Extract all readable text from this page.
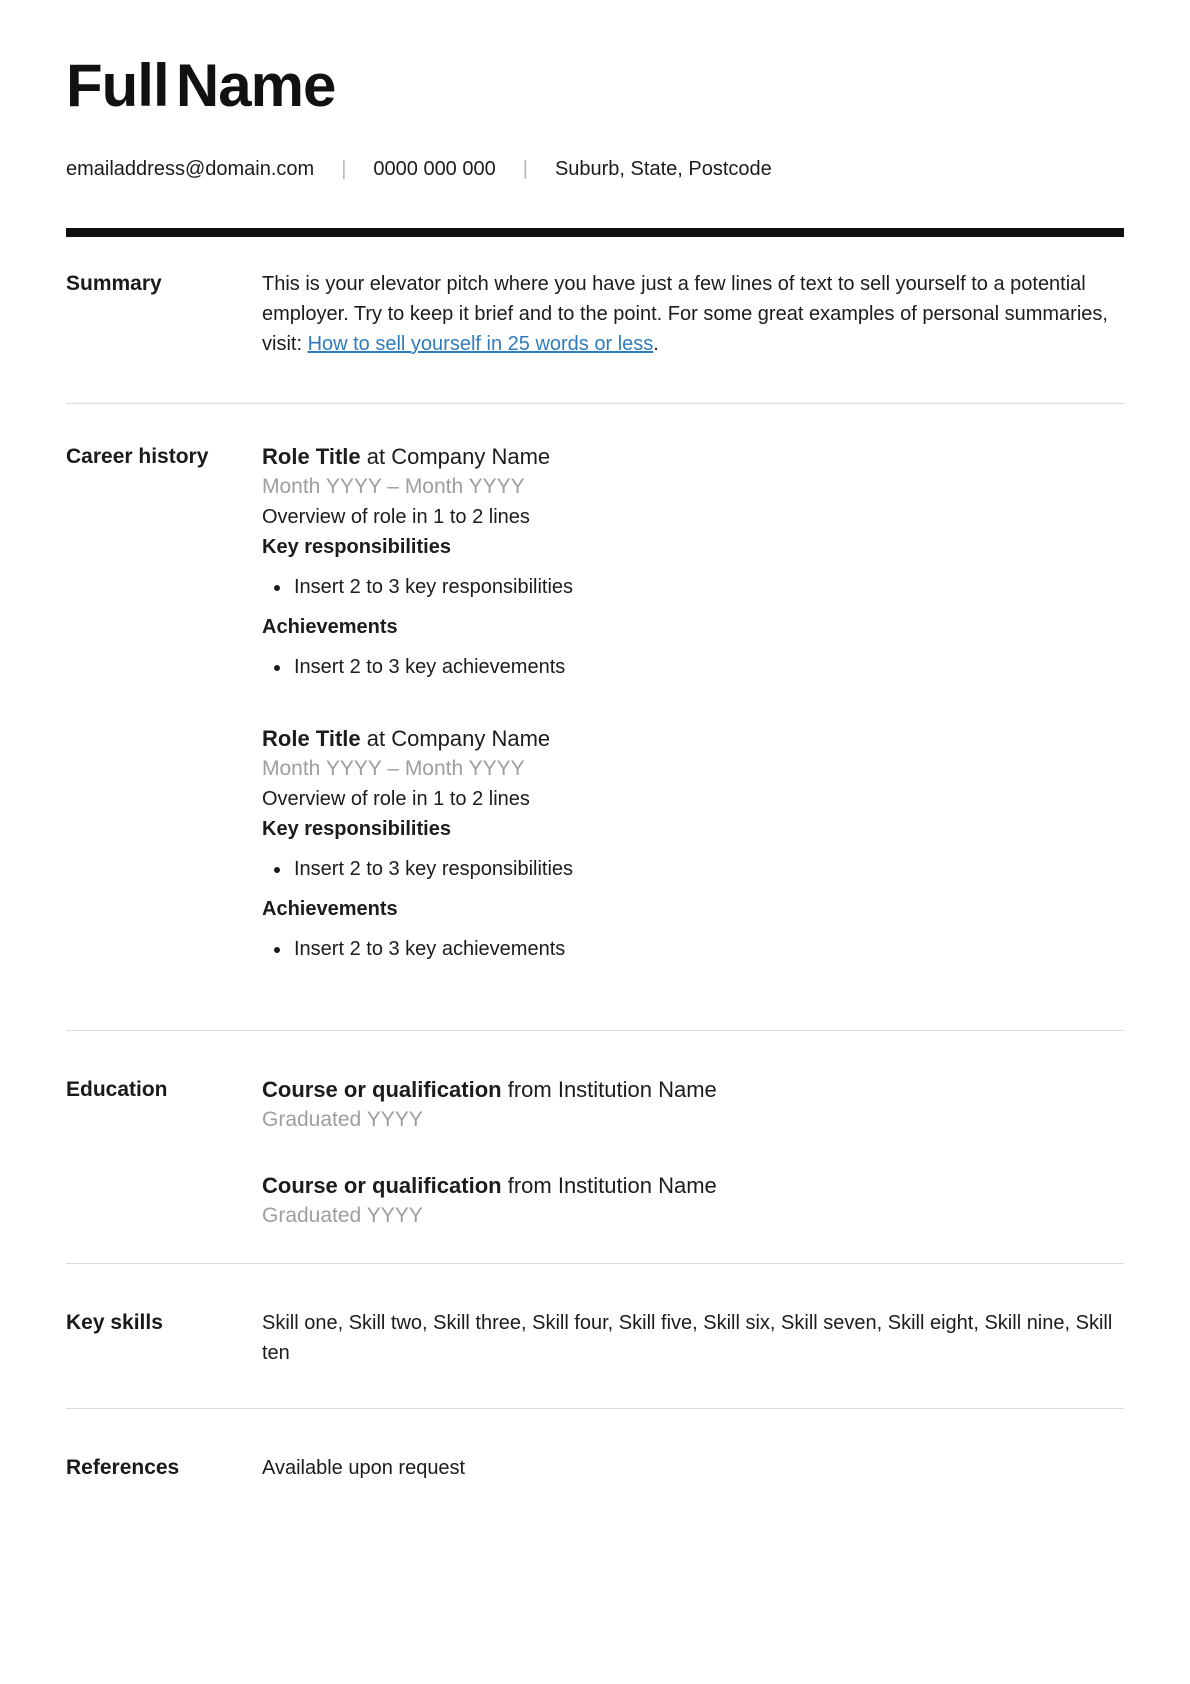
Full Name
emailaddress@domain.com	|	0000 000 000	|	Suburb, State, Postcode
Summary	This is your elevator pitch where you have just a few lines of text to sell yourself to a potential employer. Try to keep it brief and to the point. For some great examples of personal summaries, visit: How to sell yourself in 25 words or less.

Career history	Role Title at Company Name

Month YYYY – Month YYYY

Overview of role in 1 to 2 lines

Key responsibilities

• Insert 2 to 3 key responsibilities

Achievements

• Insert 2 to 3 key achievements

Role Title at Company Name

Month YYYY – Month YYYY

Overview of role in 1 to 2 lines

Key responsibilities

• Insert 2 to 3 key responsibilities

Achievements

• Insert 2 to 3 key achievements
Education	Course or qualification from Institution Name

Graduated YYYY

Course or qualification from Institution Name

Graduated YYYY

Key skills	Skill one, Skill two, Skill three, Skill four, Skill five, Skill six, Skill seven, Skill eight, Skill nine, Skill ten

References	Available upon request
